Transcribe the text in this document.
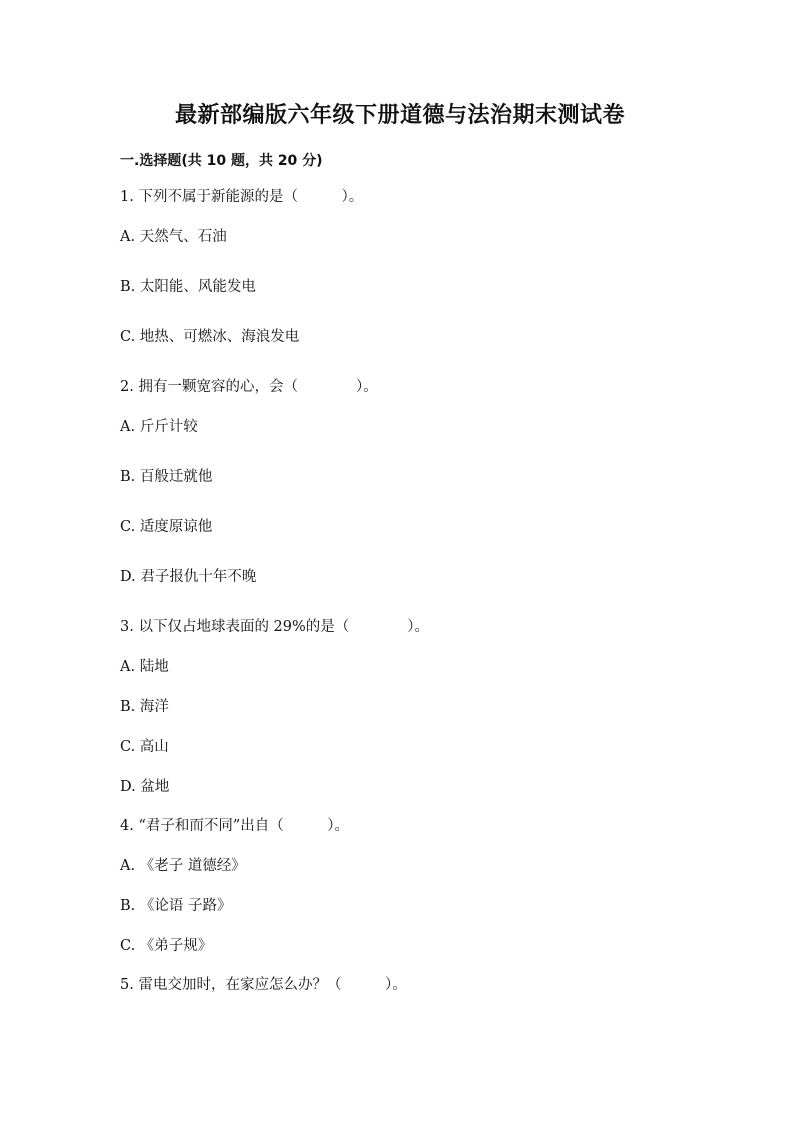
最新部编版六年级下册道德与法治期末测试卷
一.选择题(共 10 题，共 20 分)
1. 下列不属于新能源的是（　　　）。
A. 天然气、石油
B. 太阳能、风能发电
C. 地热、可燃冰、海浪发电
2. 拥有一颗宽容的心，会（　　　　）。
A. 斤斤计较
B. 百般迁就他
C. 适度原谅他
D. 君子报仇十年不晚
3. 以下仅占地球表面的 29%的是（　　　　）。
A. 陆地
B. 海洋
C. 高山
D. 盆地
4. “君子和而不同”出自（　　　）。
A. 《老子 道德经》
B. 《论语 子路》
C. 《弟子规》
5. 雷电交加时，在家应怎么办？（　　　）。
